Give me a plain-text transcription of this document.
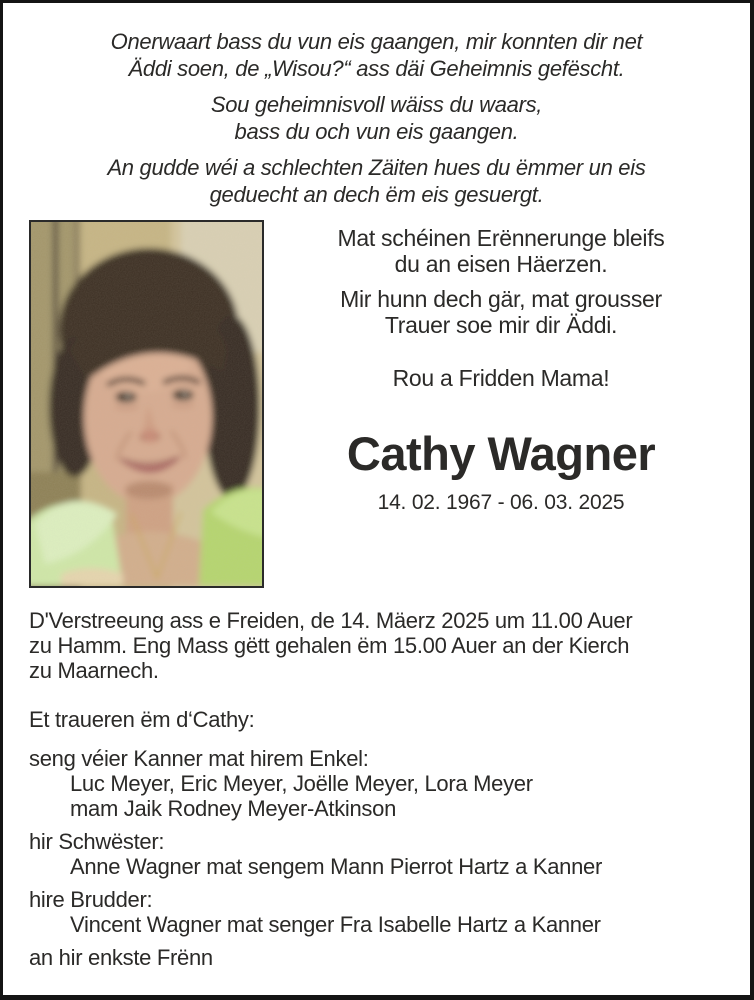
Onerwaart bass du vun eis gaangen, mir konnten dir net
Äddi soen, de „Wisou?“ ass däi Geheimnis gefëscht.

Sou geheimnisvoll wäiss du waars,
bass du och vun eis gaangen.

An gudde wéi a schlechten Zäiten hues du ëmmer un eis
geduecht an dech ëm eis gesuergt.

Mat schéinen Erënnerunge bleifs
du an eisen Häerzen.

Mir hunn dech gär, mat grousser
Trauer soe mir dir Äddi.

Rou a Fridden Mama!

Cathy Wagner
14. 02. 1967 - 06. 03. 2025

D'Verstreeung ass e Freiden, de 14. Mäerz 2025 um 11.00 Auer
zu Hamm. Eng Mass gëtt gehalen ëm 15.00 Auer an der Kierch
zu Maarnech.

Et traueren ëm d‘Cathy:

seng véier Kanner mat hirem Enkel:
Luc Meyer, Eric Meyer, Joëlle Meyer, Lora Meyer
mam Jaik Rodney Meyer-Atkinson
hir Schwëster:
Anne Wagner mat sengem Mann Pierrot Hartz a Kanner
hire Brudder:
Vincent Wagner mat senger Fra Isabelle Hartz a Kanner

an hir enkste Frënn
